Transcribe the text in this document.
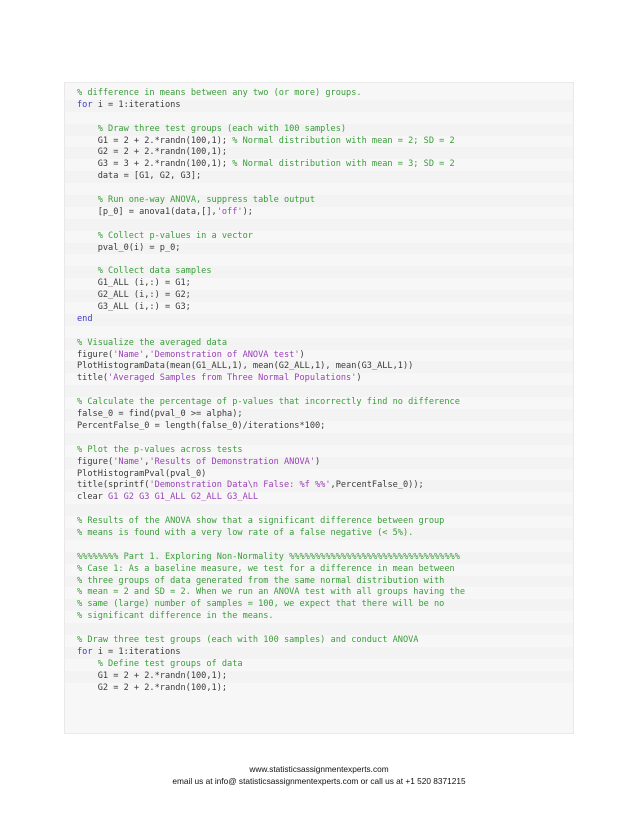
% difference in means between any two (or more) groups.
for i = 1:iterations
% Draw three test groups (each with 100 samples)
G1 = 2 + 2.*randn(100,1); % Normal distribution with mean = 2; SD = 2
G2 = 2 + 2.*randn(100,1);
G3 = 3 + 2.*randn(100,1); % Normal distribution with mean = 3; SD = 2
data = [G1, G2, G3];
% Run one-way ANOVA, suppress table output
[p_0] = anova1(data,[],'off');
% Collect p-values in a vector
pval_0(i) = p_0;
% Collect data samples
G1_ALL (i,:) = G1;
G2_ALL (i,:) = G2;
G3_ALL (i,:) = G3;
end
% Visualize the averaged data
figure('Name','Demonstration of ANOVA test')
PlotHistogramData(mean(G1_ALL,1), mean(G2_ALL,1), mean(G3_ALL,1))
title('Averaged Samples from Three Normal Populations')
% Calculate the percentage of p-values that incorrectly find no difference
false_0 = find(pval_0 >= alpha);
PercentFalse_0 = length(false_0)/iterations*100;
% Plot the p-values across tests
figure('Name','Results of Demonstration ANOVA')
PlotHistogramPval(pval_0)
title(sprintf('Demonstration Data\n False: %f %%',PercentFalse_0));
clear G1 G2 G3 G1_ALL G2_ALL G3_ALL
% Results of the ANOVA show that a significant difference between group
% means is found with a very low rate of a false negative (< 5%).
%%%%%%%% Part 1. Exploring Non-Normality %%%%%%%%%%%%%%%%%%%%%%%%%%%%%%%%%
% Case 1: As a baseline measure, we test for a difference in mean between
% three groups of data generated from the same normal distribution with
% mean = 2 and SD = 2. When we run an ANOVA test with all groups having the
% same (large) number of samples = 100, we expect that there will be no
% significant difference in the means.
% Draw three test groups (each with 100 samples) and conduct ANOVA
for i = 1:iterations
% Define test groups of data
G1 = 2 + 2.*randn(100,1);
G2 = 2 + 2.*randn(100,1);
www.statisticsassignmentexperts.com
email us at info@ statisticsassignmentexperts.com or call us at +1 520 8371215
